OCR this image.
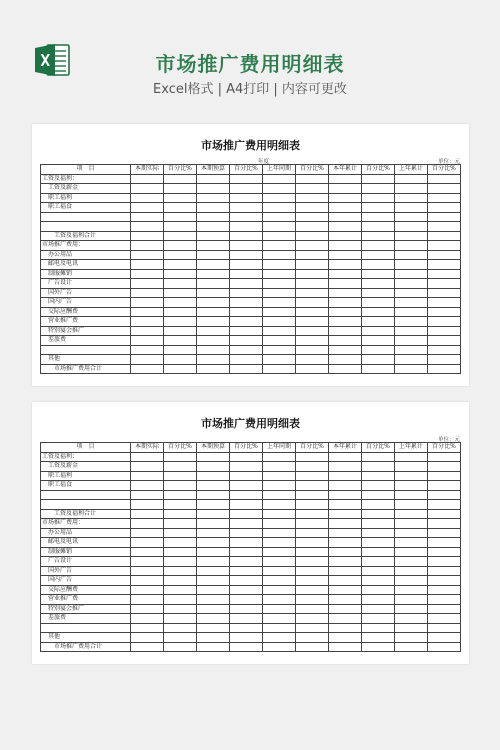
市场推广费用明细表
Excel格式 | A4打印 | 内容可更改
市场推广费用明细表
年度	单位：元
项　目	本期实际	百分比%	本期预算	百分比%	上年同期	百分比%	本年累计	百分比%	上年累计	百分比%
工资及福利：										
　工资及薪金										
　职工福利										
　职工福食										

　　工资及福利合计										
市场推广费用：										
　办公用品										
　邮电及电讯										
　制服摊销										
　广告设计										
　国外广告										
　国内广告										
　交际应酬费										
　营业推广费										
　特别宴会推广										
　差旅费										

　其他										
　　市场推广费用合计										
市场推广费用明细表
单位：元
项　目	本期实际	百分比%	本期预算	百分比%	上年同期	百分比%	本年累计	百分比%	上年累计	百分比%
工资及福利：										
　工资及薪金										
　职工福利										
　职工福食										

　　工资及福利合计										
市场推广费用：										
　办公用品										
　邮电及电讯										
　制服摊销										
　广告设计										
　国外广告										
　国内广告										
　交际应酬费										
　营业推广费										
　特别宴会推广										
　差旅费										

　其他										
　　市场推广费用合计										
